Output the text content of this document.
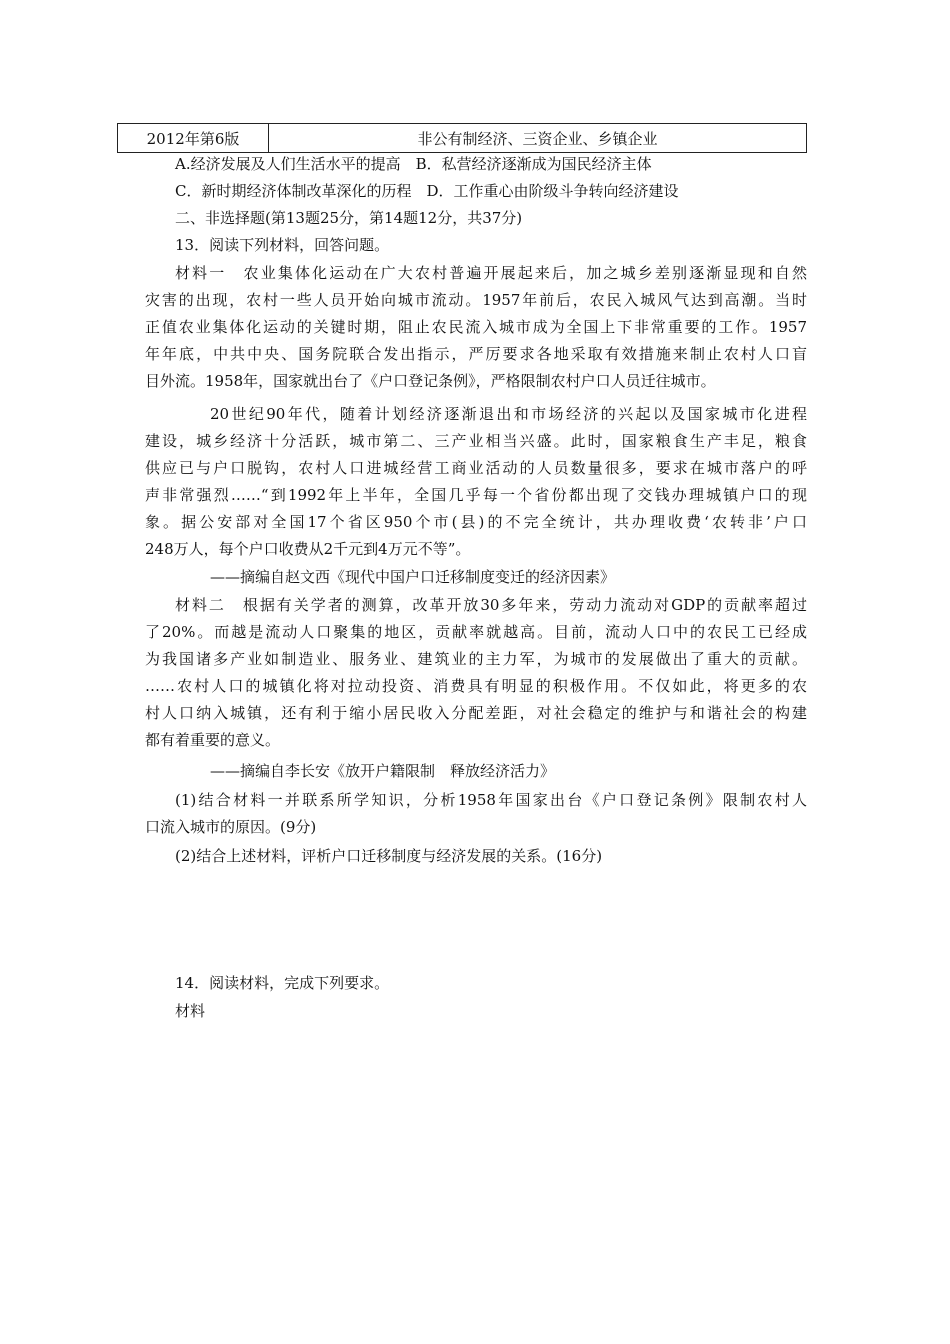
2012年第6版	非公有制经济、三资企业、乡镇企业
A.经济发展及人们生活水平的提高　B．私营经济逐渐成为国民经济主体
C．新时期经济体制改革深化的历程　D．工作重心由阶级斗争转向经济建设
二、非选择题(第13题25分，第14题12分，共37分)
13．阅读下列材料，回答问题。
材料一　农业集体化运动在广大农村普遍开展起来后，加之城乡差别逐渐显现和自然
灾害的出现，农村一些人员开始向城市流动。1957年前后，农民入城风气达到高潮。当时
正值农业集体化运动的关键时期，阻止农民流入城市成为全国上下非常重要的工作。1957
年年底，中共中央、国务院联合发出指示，严厉要求各地采取有效措施来制止农村人口盲
目外流。1958年，国家就出台了《户口登记条例》，严格限制农村户口人员迁往城市。
20世纪90年代，随着计划经济逐渐退出和市场经济的兴起以及国家城市化进程
建设，城乡经济十分活跃，城市第二、三产业相当兴盛。此时，国家粮食生产丰足，粮食
供应已与户口脱钩，农村人口进城经营工商业活动的人员数量很多，要求在城市落户的呼
声非常强烈……“到1992年上半年，全国几乎每一个省份都出现了交钱办理城镇户口的现
象。据公安部对全国17个省区950个市(县)的不完全统计，共办理收费‘农转非’户口
248万人，每个户口收费从2千元到4万元不等”。
——摘编自赵文西《现代中国户口迁移制度变迁的经济因素》
材料二　根据有关学者的测算，改革开放30多年来，劳动力流动对GDP的贡献率超过
了20%。而越是流动人口聚集的地区，贡献率就越高。目前，流动人口中的农民工已经成
为我国诸多产业如制造业、服务业、建筑业的主力军，为城市的发展做出了重大的贡献。
……农村人口的城镇化将对拉动投资、消费具有明显的积极作用。不仅如此，将更多的农
村人口纳入城镇，还有利于缩小居民收入分配差距，对社会稳定的维护与和谐社会的构建
都有着重要的意义。
——摘编自李长安《放开户籍限制　释放经济活力》
(1)结合材料一并联系所学知识，分析1958年国家出台《户口登记条例》限制农村人
口流入城市的原因。(9分)
(2)结合上述材料，评析户口迁移制度与经济发展的关系。(16分)
14．阅读材料，完成下列要求。
材料
